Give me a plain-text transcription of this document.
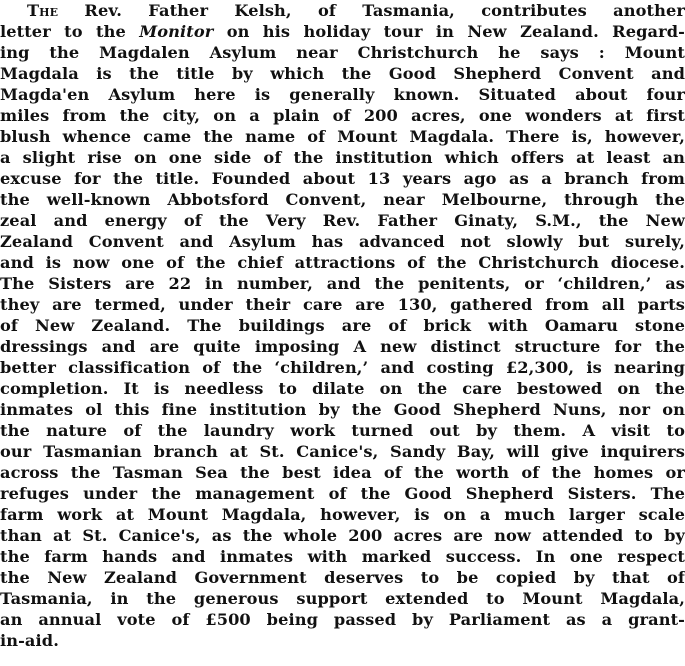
The Rev. Father Kelsh, of Tasmania, contributes another
letter to the Monitor on his holiday tour in New Zealand. Regard-
ing the Magdalen Asylum near Christchurch he says : Mount
Magdala is the title by which the Good Shepherd Convent and
Magda'en Asylum here is generally known. Situated about four
miles from the city, on a plain of 200 acres, one wonders at first
blush whence came the name of Mount Magdala. There is, however,
a slight rise on one side of the institution which offers at least an
excuse for the title. Founded about 13 years ago as a branch from
the well-known Abbotsford Convent, near Melbourne, through the
zeal and energy of the Very Rev. Father Ginaty, S.M., the New
Zealand Convent and Asylum has advanced not slowly but surely,
and is now one of the chief attractions of the Christchurch diocese.
The Sisters are 22 in number, and the penitents, or ‘children,’ as
they are termed, under their care are 130, gathered from all parts
of New Zealand. The buildings are of brick with Oamaru stone
dressings and are quite imposing A new distinct structure for the
better classification of the ‘children,’ and costing £2,300, is nearing
completion. It is needless to dilate on the care bestowed on the
inmates ol this fine institution by the Good Shepherd Nuns, nor on
the nature of the laundry work turned out by them. A visit to
our Tasmanian branch at St. Canice's, Sandy Bay, will give inquirers
across the Tasman Sea the best idea of the worth of the homes or
refuges under the management of the Good Shepherd Sisters. The
farm work at Mount Magdala, however, is on a much larger scale
than at St. Canice's, as the whole 200 acres are now attended to by
the farm hands and inmates with marked success. In one respect
the New Zealand Government deserves to be copied by that of
Tasmania, in the generous support extended to Mount Magdala,
an annual vote of £500 being passed by Parliament as a grant-
in-aid.
